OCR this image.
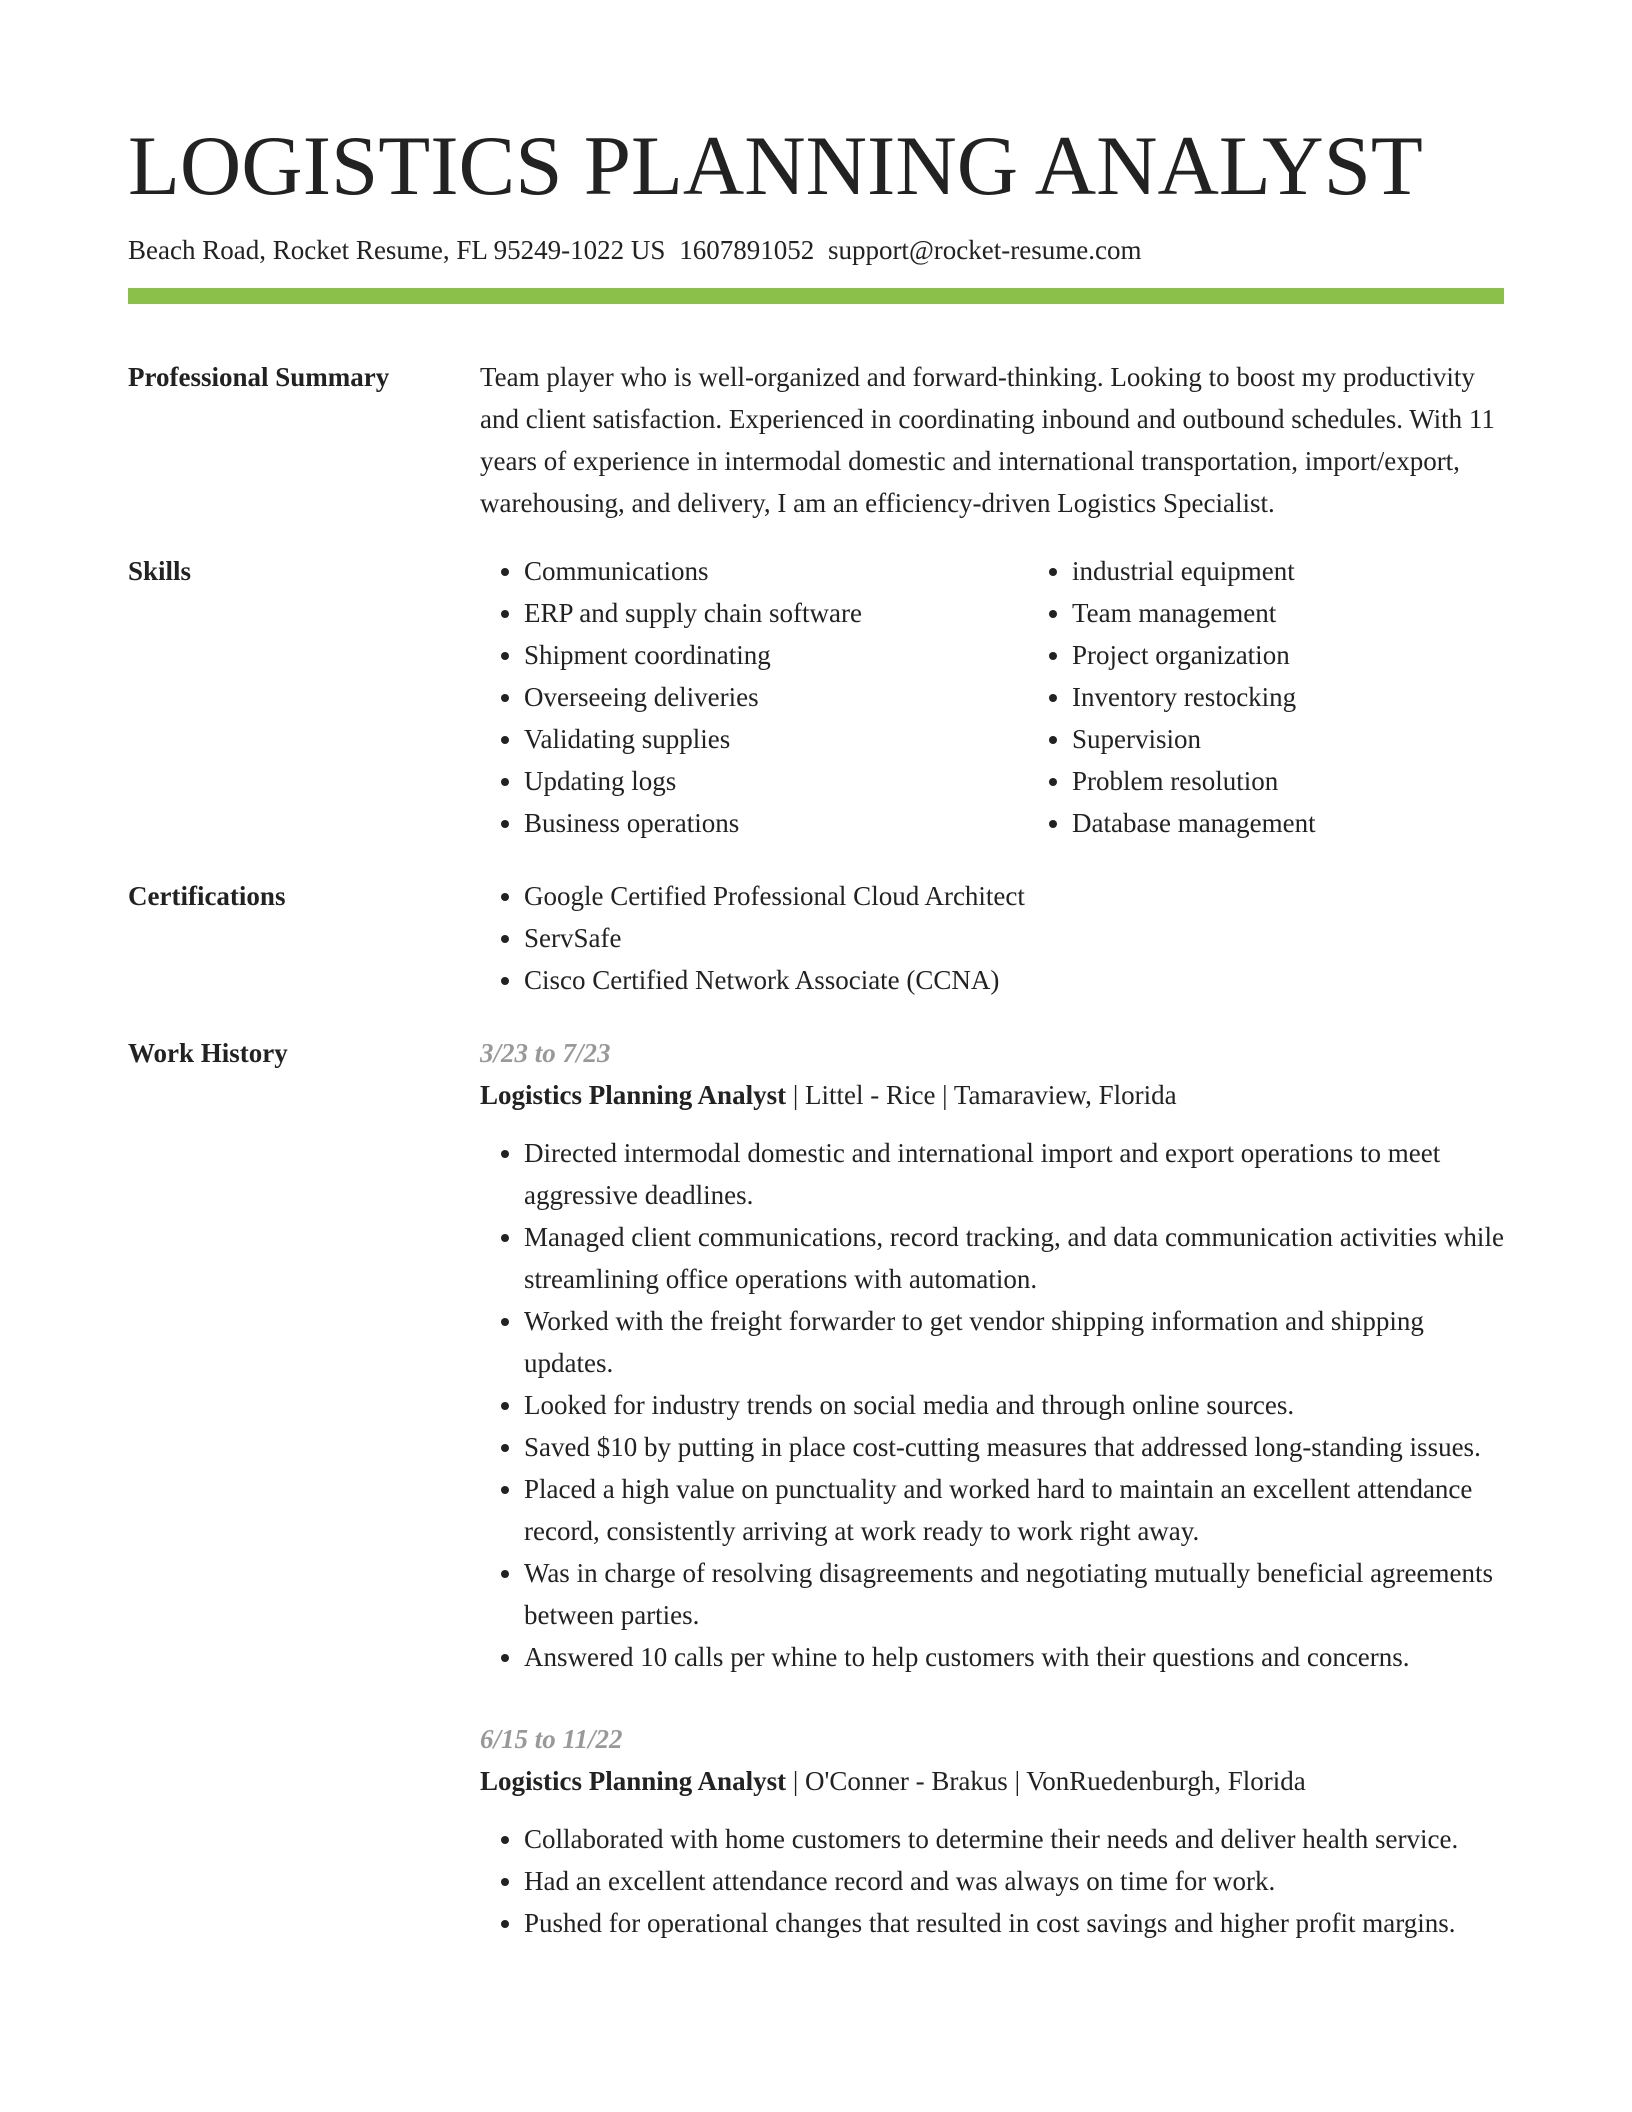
LOGISTICS PLANNING ANALYST
Beach Road, Rocket Resume, FL 95249-1022 US 1607891052 support@rocket-resume.com
Professional Summary	Team player who is well-organized and forward-thinking. Looking to boost my productivity and client satisfaction. Experienced in coordinating inbound and outbound schedules. With 11 years of experience in intermodal domestic and international transportation, import/export, warehousing, and delivery, I am an efficiency-driven Logistics Specialist.

Skills	• Communications
• ERP and supply chain software
• Shipment coordinating
• Overseeing deliveries
• Validating supplies
• Updating logs
• Business operations
• industrial equipment
• Team management
• Project organization
• Inventory restocking
• Supervision
• Problem resolution
• Database management
Certifications	• Google Certified Professional Cloud Architect
• ServSafe
• Cisco Certified Network Associate (CCNA)
Work History	3/23 to 7/23
Logistics Planning Analyst | Littel - Rice | Tamaraview, Florida
• Directed intermodal domestic and international import and export operations to meet aggressive deadlines.
• Managed client communications, record tracking, and data communication activities while streamlining office operations with automation.
• Worked with the freight forwarder to get vendor shipping information and shipping updates.
• Looked for industry trends on social media and through online sources.
• Saved $10 by putting in place cost-cutting measures that addressed long-standing issues.
• Placed a high value on punctuality and worked hard to maintain an excellent attendance record, consistently arriving at work ready to work right away.
• Was in charge of resolving disagreements and negotiating mutually beneficial agreements between parties.
• Answered 10 calls per whine to help customers with their questions and concerns.
6/15 to 11/22
Logistics Planning Analyst | O'Conner - Brakus | VonRuedenburgh, Florida
• Collaborated with home customers to determine their needs and deliver health service.
• Had an excellent attendance record and was always on time for work.
• Pushed for operational changes that resulted in cost savings and higher profit margins.
